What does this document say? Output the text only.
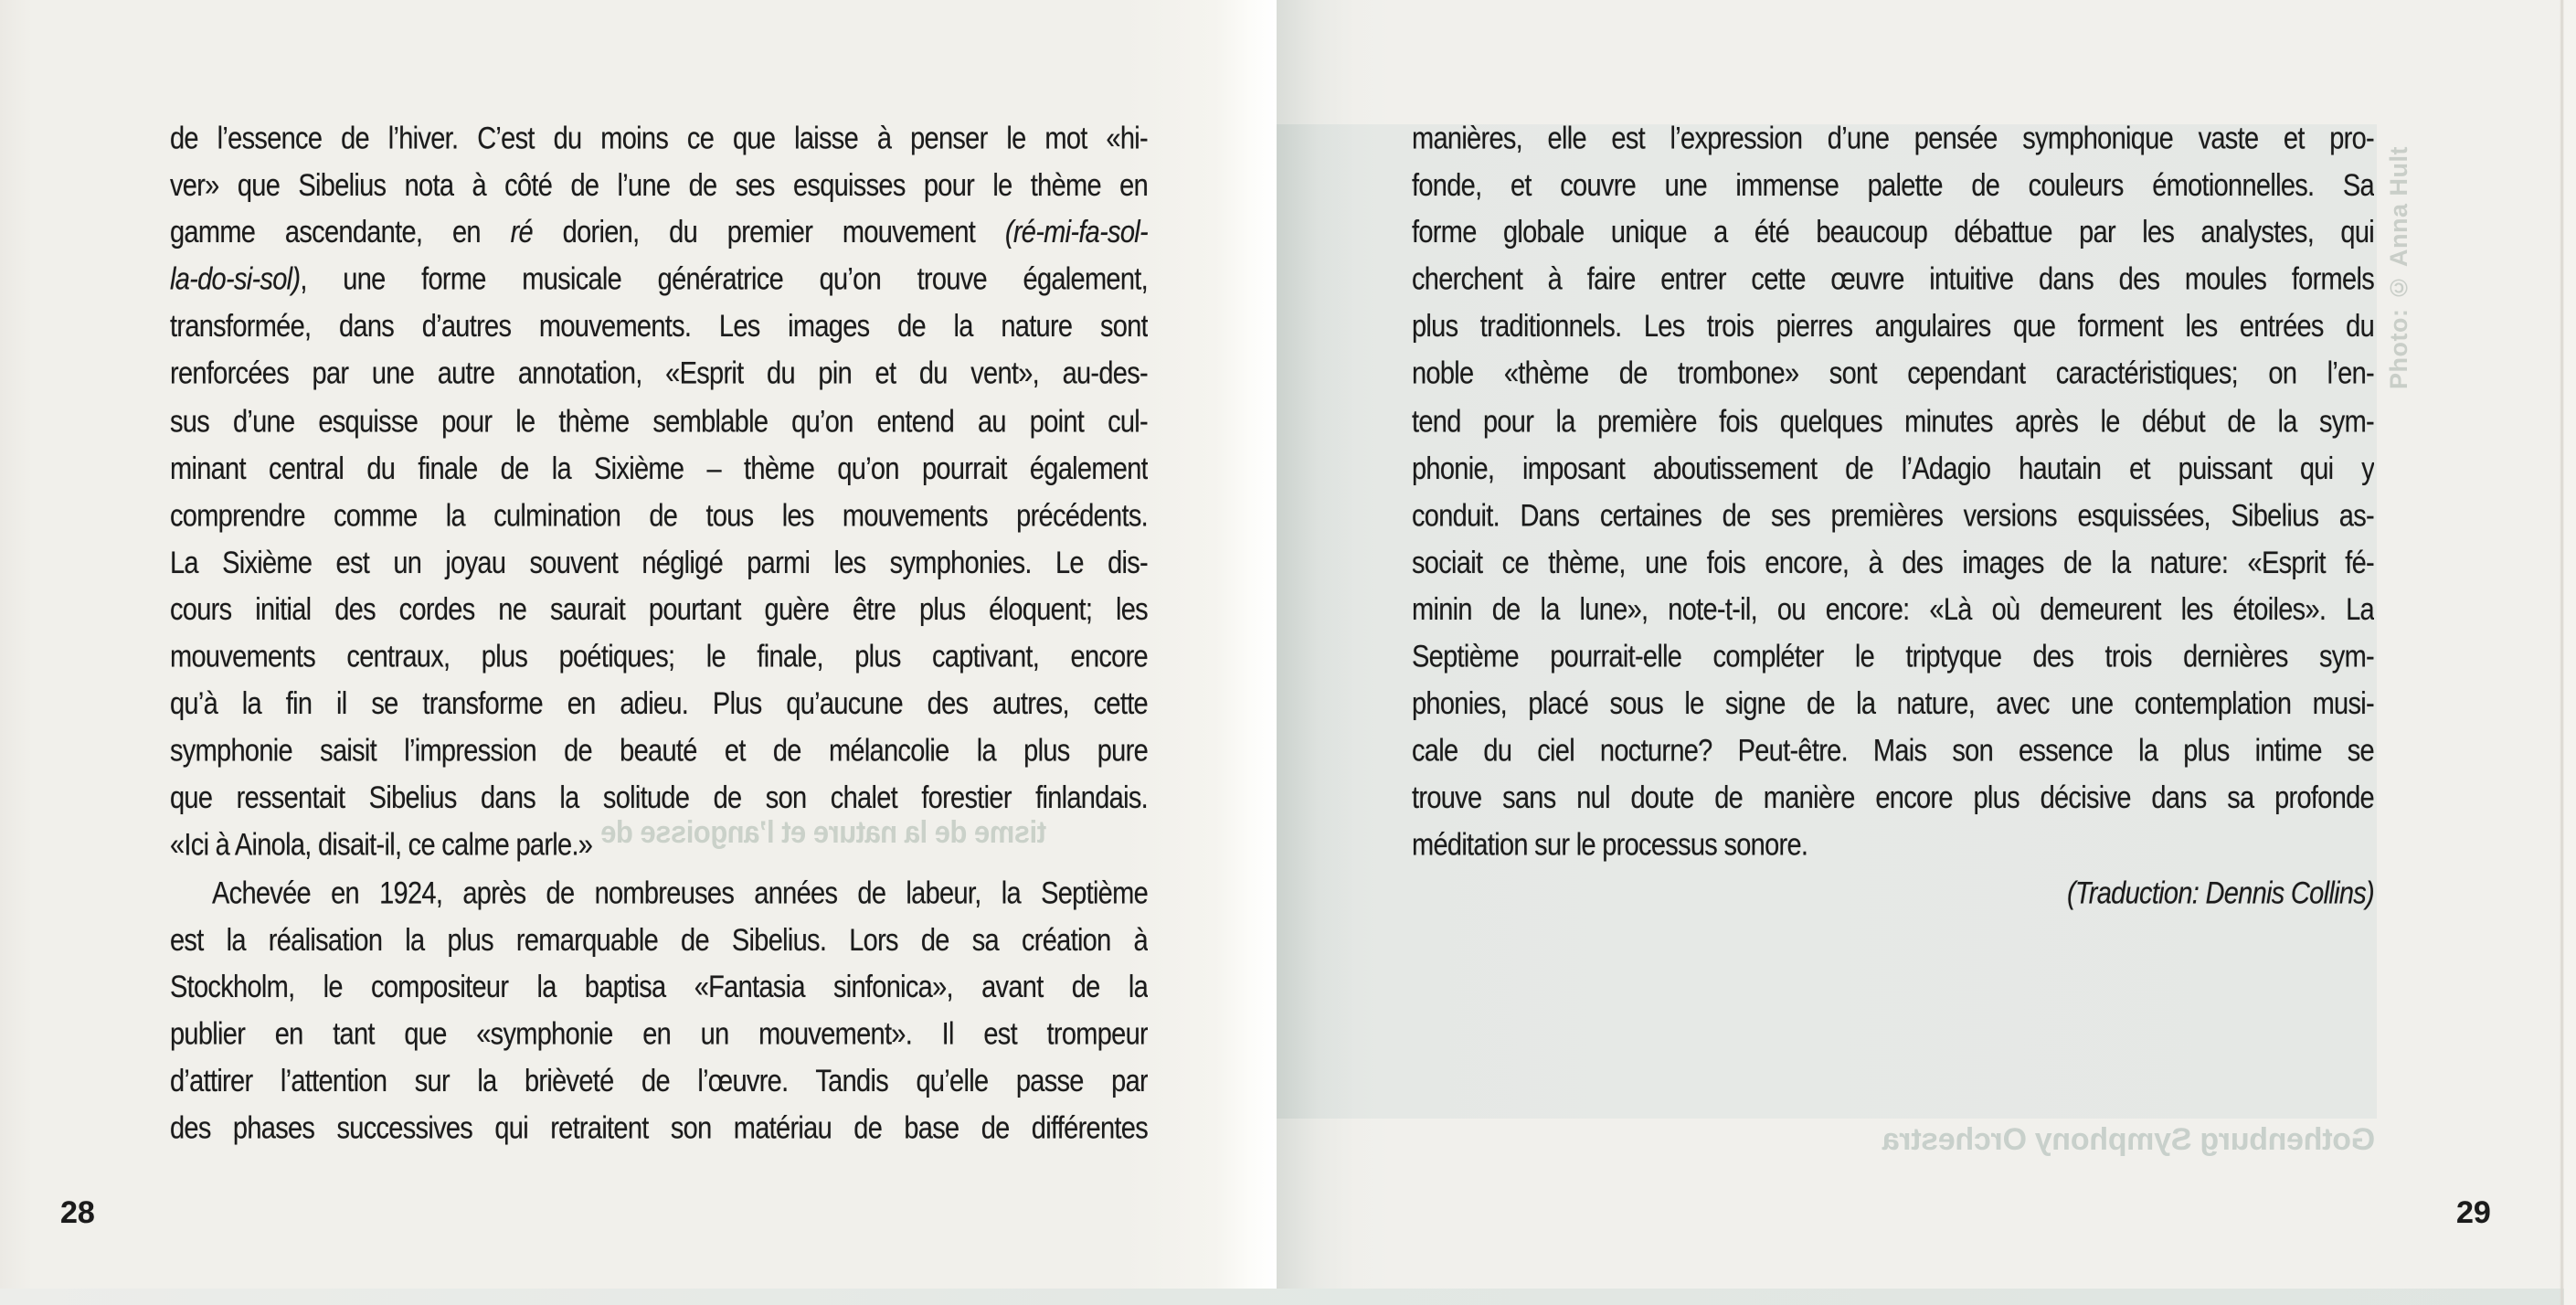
tisme de la nature et l’angoisse de
de l’essence de l’hiver. C’est du moins ce que laisse à penser le mot «hi-
ver» que Sibelius nota à côté de l’une de ses esquisses pour le thème en
gamme ascendante, en ré dorien, du premier mouvement (ré-mi-fa-sol-
la-do-si-sol), une forme musicale génératrice qu’on trouve également,
transformée, dans d’autres mouvements. Les images de la nature sont
renforcées par une autre annotation, «Esprit du pin et du vent», au-des-
sus d’une esquisse pour le thème semblable qu’on entend au point cul-
minant central du finale de la Sixième – thème qu’on pourrait également
comprendre comme la culmination de tous les mouvements précédents.
La Sixième est un joyau souvent négligé parmi les symphonies. Le dis-
cours initial des cordes ne saurait pourtant guère être plus éloquent; les
mouvements centraux, plus poétiques; le finale, plus captivant, encore
qu’à la fin il se transforme en adieu. Plus qu’aucune des autres, cette
symphonie saisit l’impression de beauté et de mélancolie la plus pure
que ressentait Sibelius dans la solitude de son chalet forestier finlandais.
«Ici à Ainola, disait-il, ce calme parle.»
Achevée en 1924, après de nombreuses années de labeur, la Septième
est la réalisation la plus remarquable de Sibelius. Lors de sa création à
Stockholm, le compositeur la baptisa «Fantasia sinfonica», avant de la
publier en tant que «symphonie en un mouvement». Il est trompeur
d’attirer l’attention sur la brièveté de l’œuvre. Tandis qu’elle passe par
des phases successives qui retraitent son matériau de base de différentes
28
Photo: © Anna Hult
Gothenburg Symphony Orchestra
manières, elle est l’expression d’une pensée symphonique vaste et pro-
fonde, et couvre une immense palette de couleurs émotionnelles. Sa
forme globale unique a été beaucoup débattue par les analystes, qui
cherchent à faire entrer cette œuvre intuitive dans des moules formels
plus traditionnels. Les trois pierres angulaires que forment les entrées du
noble «thème de trombone» sont cependant caractéristiques; on l’en-
tend pour la première fois quelques minutes après le début de la sym-
phonie, imposant aboutissement de l’Adagio hautain et puissant qui y
conduit. Dans certaines de ses premières versions esquissées, Sibelius as-
sociait ce thème, une fois encore, à des images de la nature: «Esprit fé-
minin de la lune», note-t-il, ou encore: «Là où demeurent les étoiles». La
Septième pourrait-elle compléter le triptyque des trois dernières sym-
phonies, placé sous le signe de la nature, avec une contemplation musi-
cale du ciel nocturne? Peut-être. Mais son essence la plus intime se
trouve sans nul doute de manière encore plus décisive dans sa profonde
méditation sur le processus sonore.
(Traduction: Dennis Collins)
29
